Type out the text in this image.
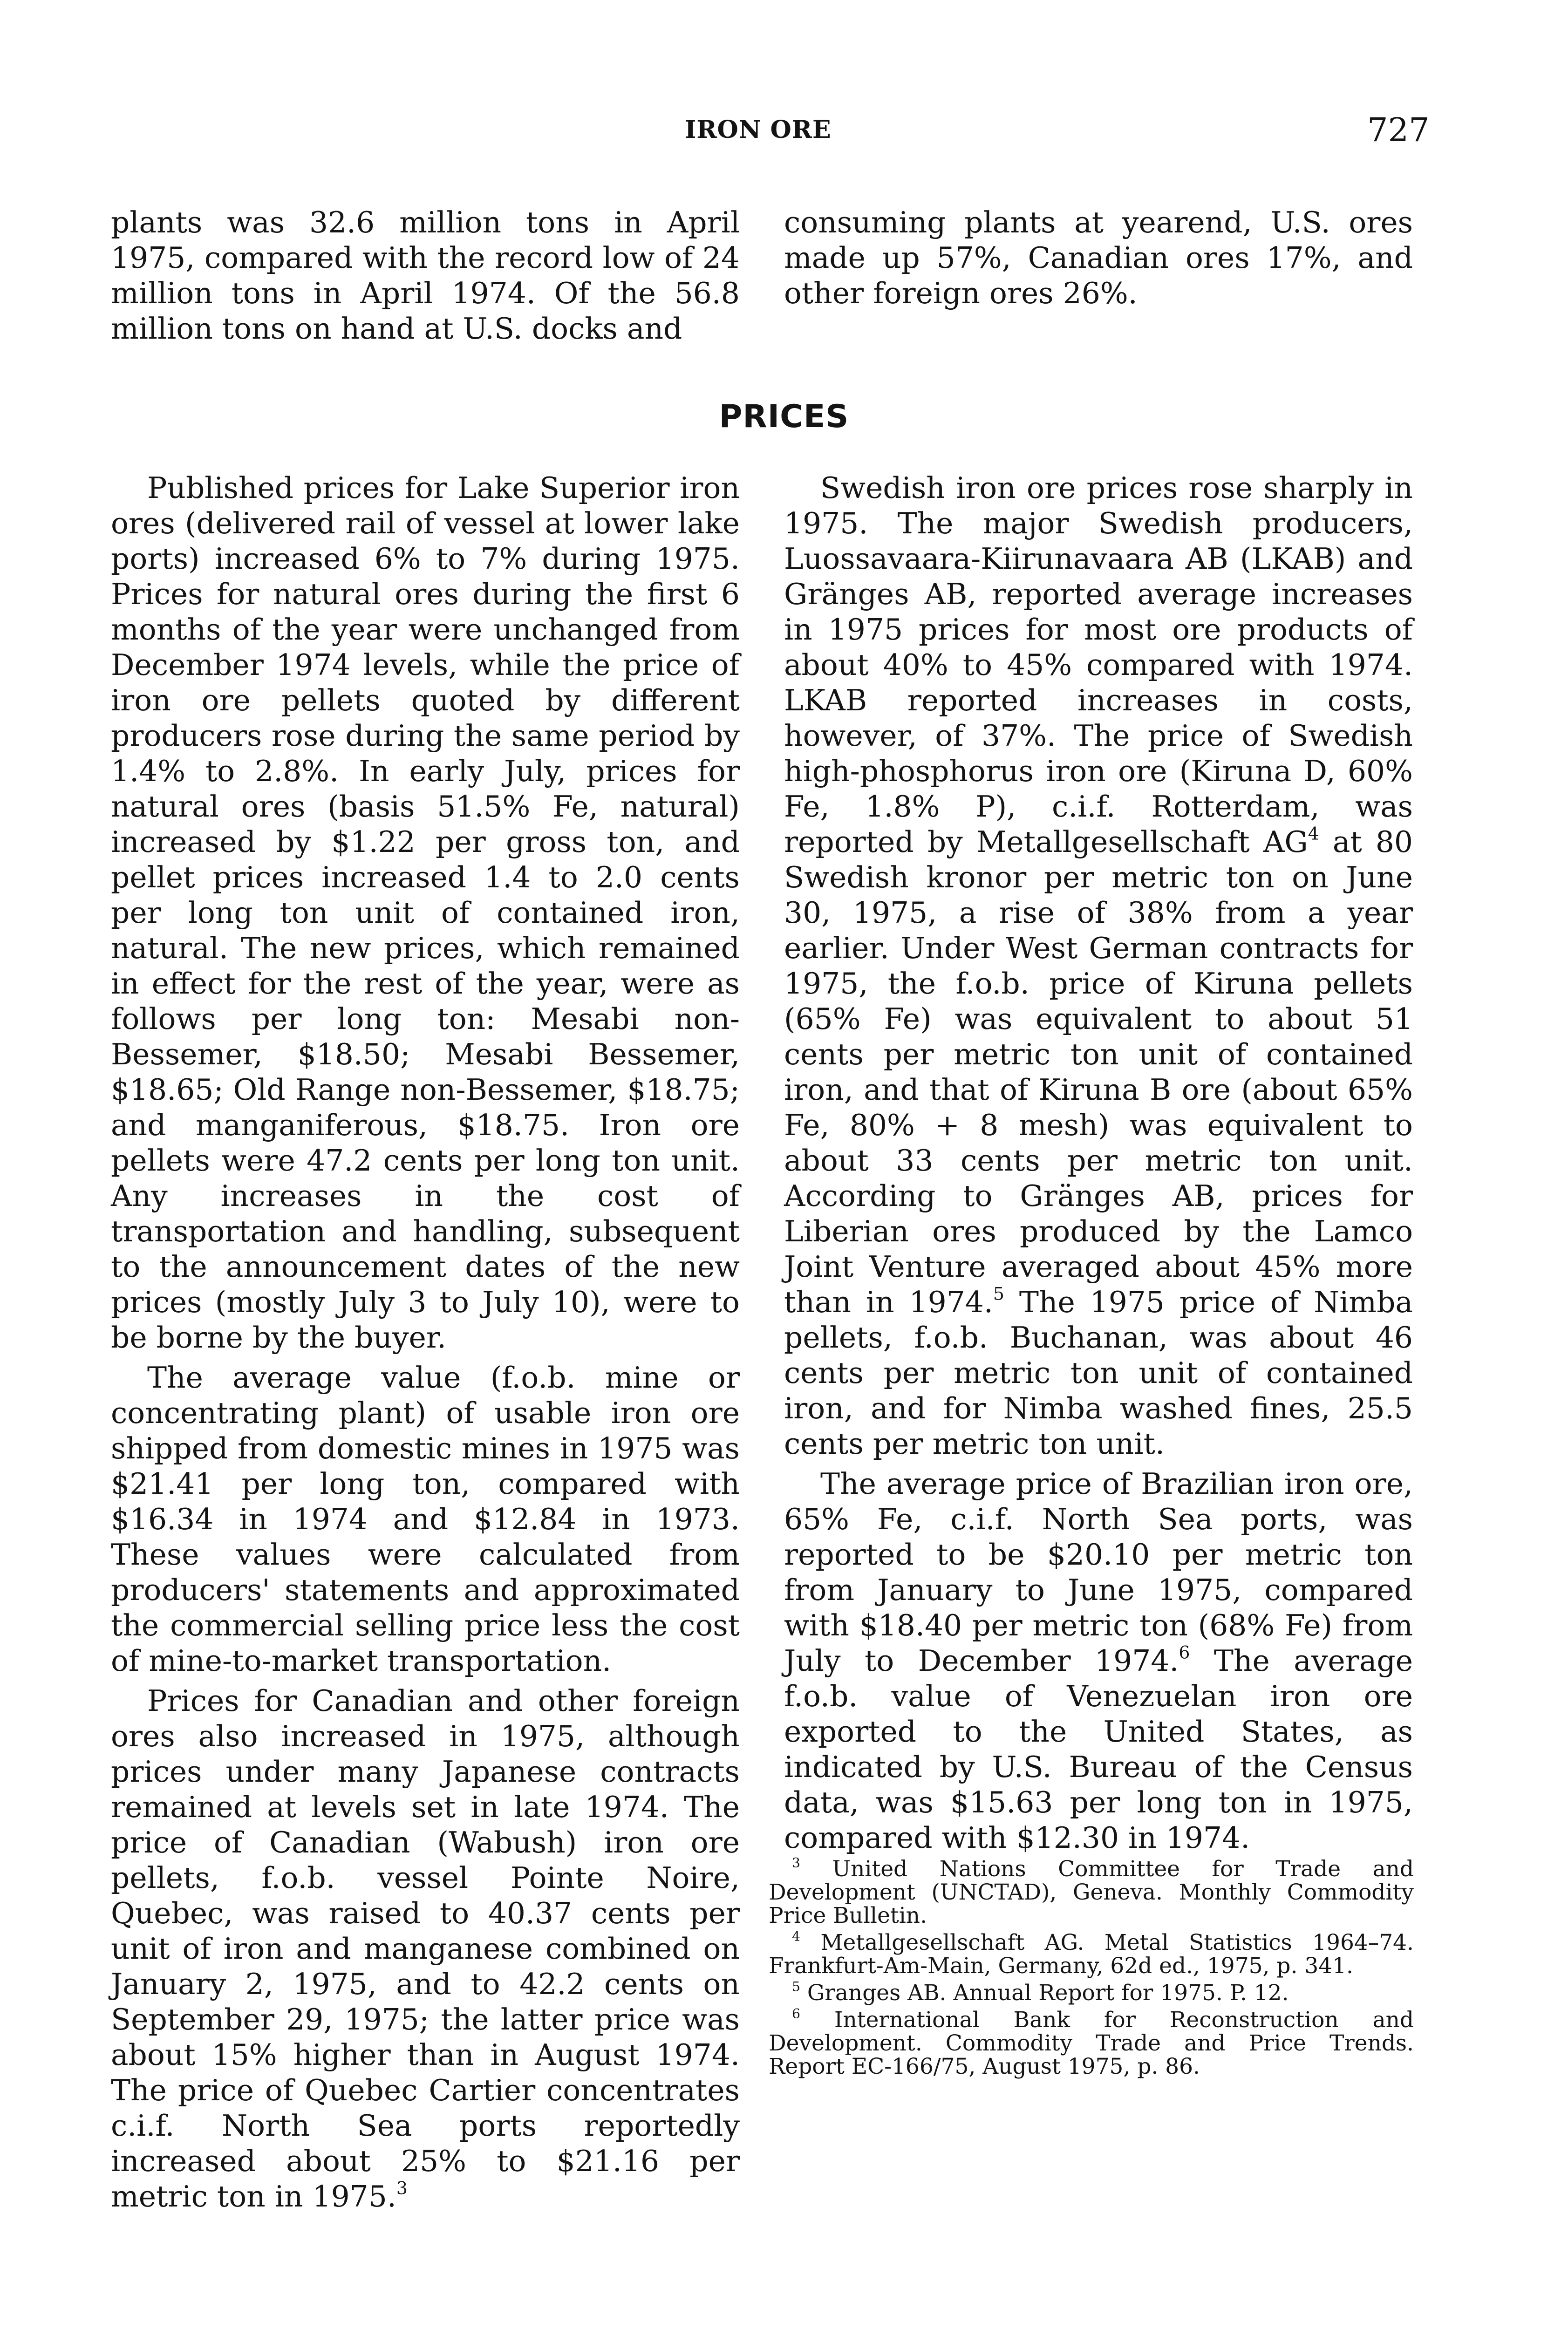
IRON ORE	727

plants was 32.6 million tons in April 1975, compared with the record low of 24 million tons in April 1974. Of the 56.8 million tons on hand at U.S. docks and

consuming plants at yearend, U.S. ores made up 57%, Canadian ores 17%, and other foreign ores 26%.

PRICES

Published prices for Lake Superior iron ores (delivered rail of vessel at lower lake ports) increased 6% to 7% during 1975. Prices for natural ores during the first 6 months of the year were unchanged from December 1974 levels, while the price of iron ore pellets quoted by different producers rose during the same period by 1.4% to 2.8%. In early July, prices for natural ores (basis 51.5% Fe, natural) increased by $1.22 per gross ton, and pellet prices increased 1.4 to 2.0 cents per long ton unit of contained iron, natural. The new prices, which remained in effect for the rest of the year, were as follows per long ton: Mesabi non-Bessemer, $18.50; Mesabi Bessemer, $18.65; Old Range non-Bessemer, $18.75; and manganiferous, $18.75. Iron ore pellets were 47.2 cents per long ton unit. Any increases in the cost of transportation and handling, subsequent to the announcement dates of the new prices (mostly July 3 to July 10), were to be borne by the buyer.

The average value (f.o.b. mine or concentrating plant) of usable iron ore shipped from domestic mines in 1975 was $21.41 per long ton, compared with $16.34 in 1974 and $12.84 in 1973. These values were calculated from producers' statements and approximated the commercial selling price less the cost of mine-to-market transportation.

Prices for Canadian and other foreign ores also increased in 1975, although prices under many Japanese contracts remained at levels set in late 1974. The price of Canadian (Wabush) iron ore pellets, f.o.b. vessel Pointe Noire, Quebec, was raised to 40.37 cents per unit of iron and manganese combined on January 2, 1975, and to 42.2 cents on September 29, 1975; the latter price was about 15% higher than in August 1974. The price of Quebec Cartier concentrates c.i.f. North Sea ports reportedly increased about 25% to $21.16 per metric ton in 1975.$^3$

Swedish iron ore prices rose sharply in 1975. The major Swedish producers, Luossavaara-Kiirunavaara AB (LKAB) and Gränges AB, reported average increases in 1975 prices for most ore products of about 40% to 45% compared with 1974. LKAB reported increases in costs, however, of 37%. The price of Swedish high-phosphorus iron ore (Kiruna D, 60% Fe, 1.8% P), c.i.f. Rotterdam, was reported by Metallgesellschaft $AG^4$ at 80 Swedish kronor per metric ton on June 30, 1975, a rise of 38% from a year earlier. Under West German contracts for 1975, the f.o.b. price of Kiruna pellets (65% Fe) was equivalent to about 51 cents per metric ton unit of contained iron, and that of Kiruna B ore (about 65% Fe, 80% + 8 mesh) was equivalent to about 33 cents per metric ton unit. According to Gränges AB, prices for Liberian ores produced by the Lamco Joint Venture averaged about 45% more than in 1974.$^5$ The 1975 price of Nimba pellets, f.o.b. Buchanan, was about 46 cents per metric ton unit of contained iron, and for Nimba washed fines, 25.5 cents per metric ton unit.

The average price of Brazilian iron ore, 65% Fe, c.i.f. North Sea ports, was reported to be $20.10 per metric ton from January to June 1975, compared with $18.40 per metric ton (68% Fe) from July to December 1974.$^6$ The average f.o.b. value of Venezuelan iron ore exported to the United States, as indicated by U.S. Bureau of the Census data, was $15.63 per long ton in 1975, compared with $12.30 in 1974.

$^3$ United Nations Committee for Trade and Development (UNCTAD), Geneva. Monthly Commodity Price Bulletin.

$^4$ Metallgesellschaft AG. Metal Statistics 1964–74. Frankfurt-Am-Main, Germany, 62d ed., 1975, p. 341.

$^5$ Granges AB. Annual Report for 1975. P. 12.

$^6$ International Bank for Reconstruction and Development. Commodity Trade and Price Trends. Report EC-166/75, August 1975, p. 86.
